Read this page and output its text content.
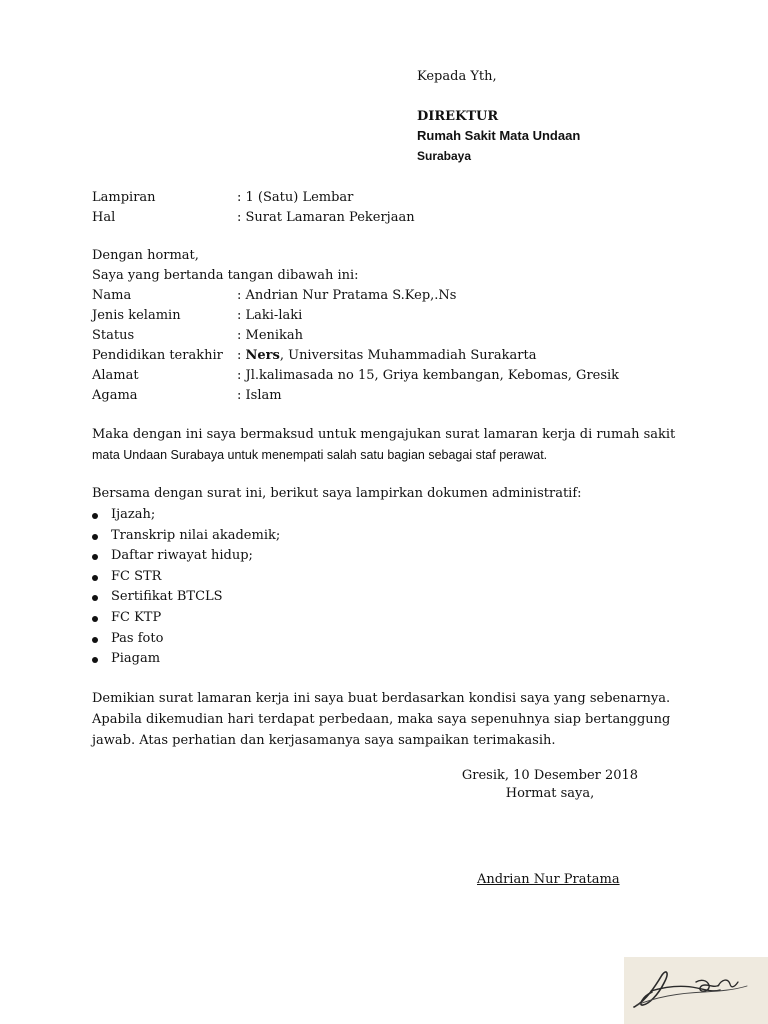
Kepada Yth,
DIREKTUR
Rumah Sakit Mata Undaan
Surabaya
Lampiran	: 1 (Satu) Lembar
Hal	: Surat Lamaran Pekerjaan
Dengan hormat,
Saya yang bertanda tangan dibawah ini:
Nama	: Andrian Nur Pratama S.Kep,.Ns
Jenis kelamin	: Laki-laki
Status	: Menikah
Pendidikan terakhir	: Ners, Universitas Muhammadiah Surakarta
Alamat	: Jl.kalimasada no 15, Griya kembangan, Kebomas, Gresik
Agama	: Islam
Maka dengan ini saya bermaksud untuk mengajukan surat lamaran kerja di rumah sakit
mata Undaan Surabaya untuk menempati salah satu bagian sebagai staf perawat.
Bersama dengan surat ini, berikut saya lampirkan dokumen administratif:
Ijazah;
Transkrip nilai akademik;
Daftar riwayat hidup;
FC STR
Sertifikat BTCLS
FC KTP
Pas foto
Piagam
Demikian surat lamaran kerja ini saya buat berdasarkan kondisi saya yang sebenarnya.
Apabila dikemudian hari terdapat perbedaan, maka saya sepenuhnya siap bertanggung
jawab. Atas perhatian dan kerjasamanya saya sampaikan terimakasih.
Gresik, 10 Desember 2018
Hormat saya,
Andrian Nur Pratama
